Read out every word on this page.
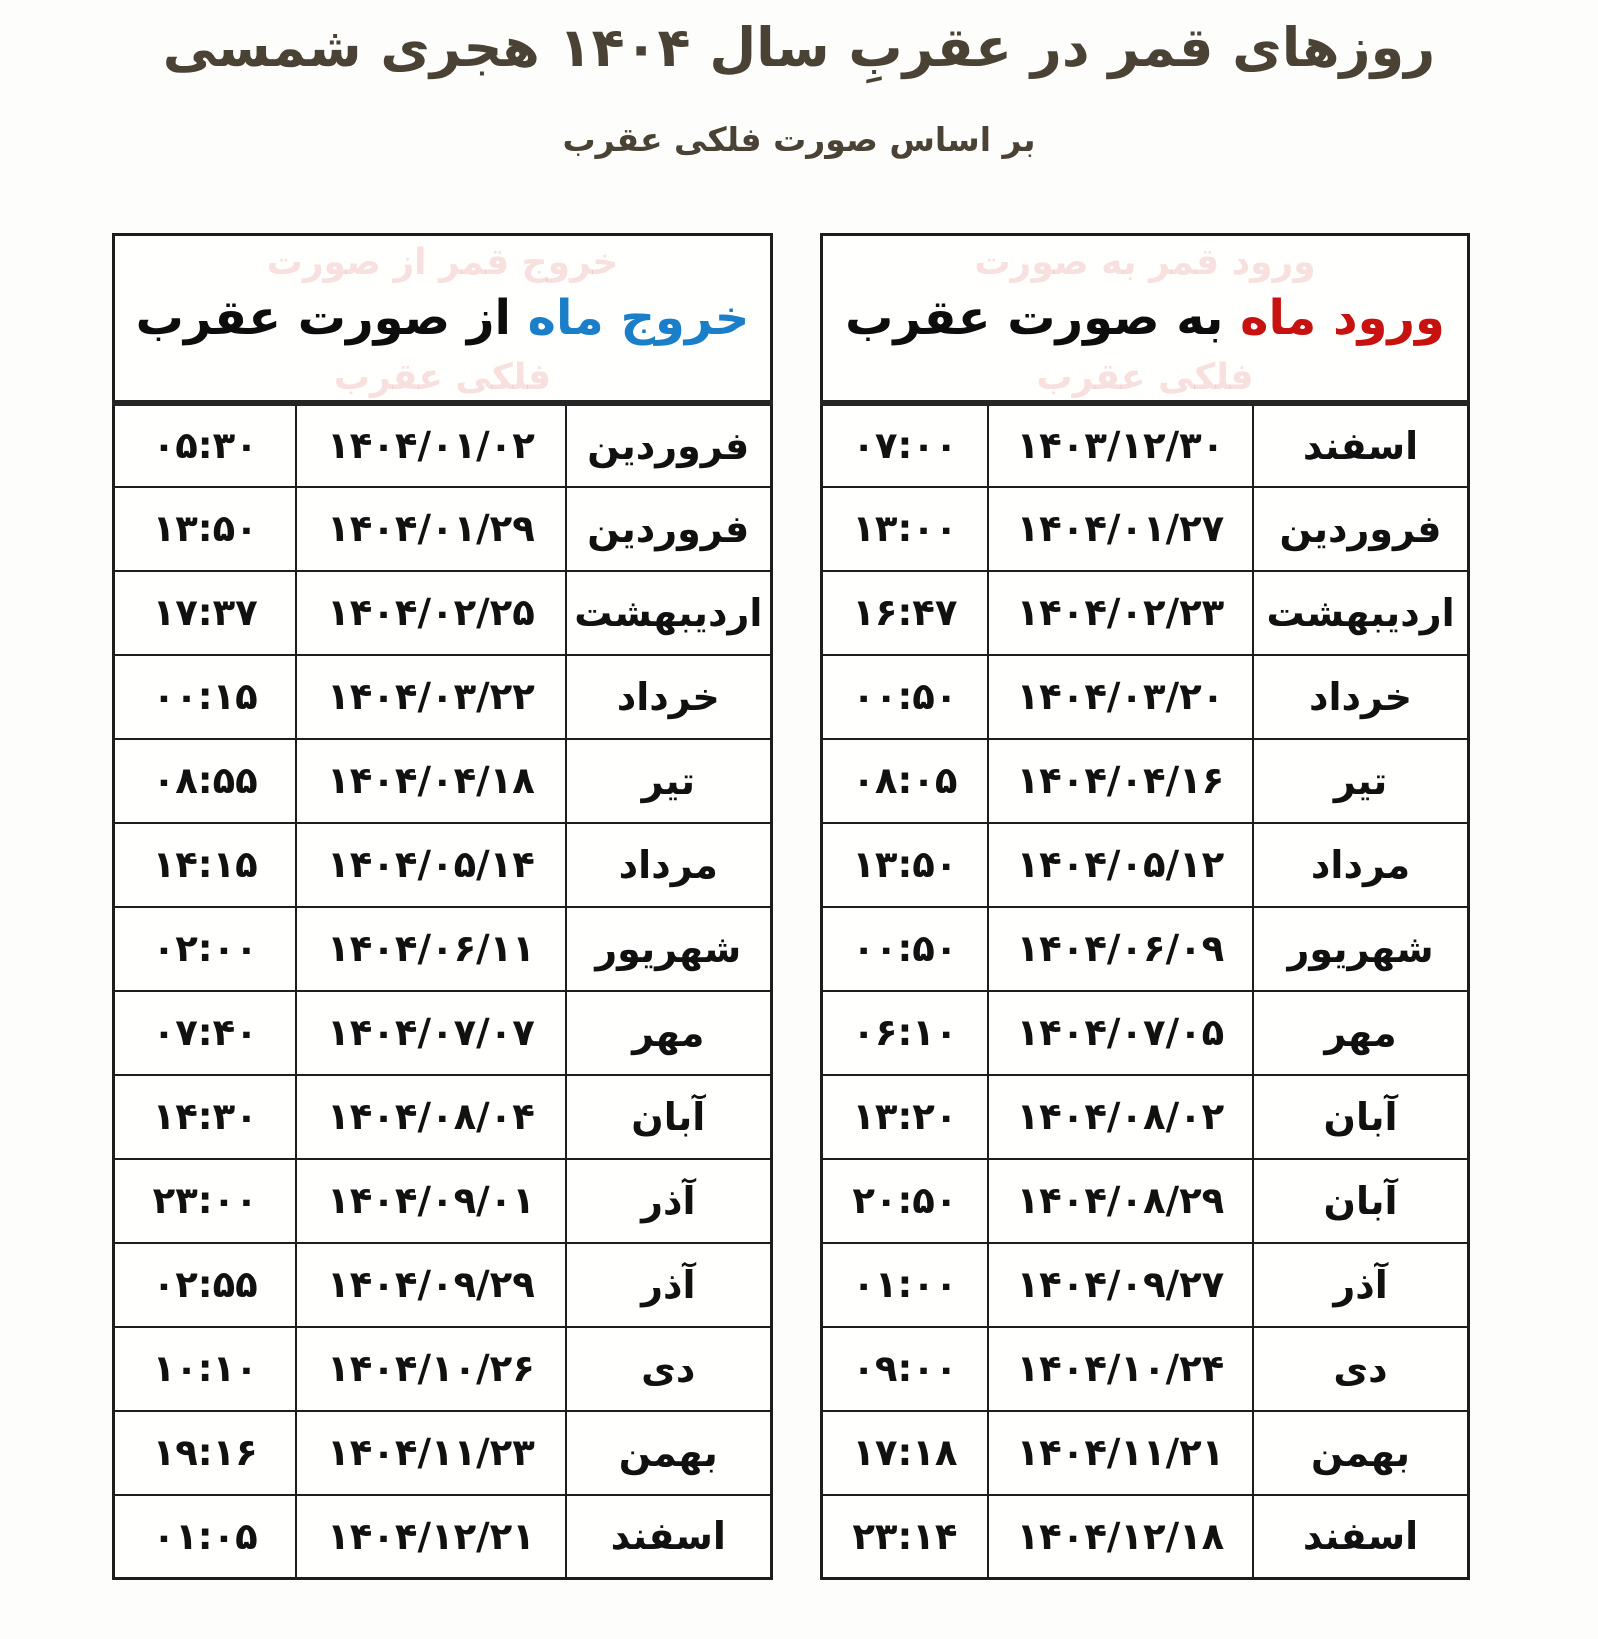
روزهای قمر در عقربِ سال ۱۴۰۴ هجری شمسی
بر اساس صورت فلکی عقرب
ورود قمر به صورت
فلکی عقرب
ورود ماه به صورت عقرب		
اسفند	۱۴۰۳/۱۲/۳۰	۰۷:۰۰
فروردین	۱۴۰۴/۰۱/۲۷	۱۳:۰۰
اردیبهشت	۱۴۰۴/۰۲/۲۳	۱۶:۴۷
خرداد	۱۴۰۴/۰۳/۲۰	۰۰:۵۰
تیر	۱۴۰۴/۰۴/۱۶	۰۸:۰۵
مرداد	۱۴۰۴/۰۵/۱۲	۱۳:۵۰
شهریور	۱۴۰۴/۰۶/۰۹	۰۰:۵۰
مهر	۱۴۰۴/۰۷/۰۵	۰۶:۱۰
آبان	۱۴۰۴/۰۸/۰۲	۱۳:۲۰
آبان	۱۴۰۴/۰۸/۲۹	۲۰:۵۰
آذر	۱۴۰۴/۰۹/۲۷	۰۱:۰۰
دی	۱۴۰۴/۱۰/۲۴	۰۹:۰۰
بهمن	۱۴۰۴/۱۱/۲۱	۱۷:۱۸
اسفند	۱۴۰۴/۱۲/۱۸	۲۳:۱۴
خروج قمر از صورت
فلکی عقرب
خروج ماه از صورت عقرب		
فروردین	۱۴۰۴/۰۱/۰۲	۰۵:۳۰
فروردین	۱۴۰۴/۰۱/۲۹	۱۳:۵۰
اردیبهشت	۱۴۰۴/۰۲/۲۵	۱۷:۳۷
خرداد	۱۴۰۴/۰۳/۲۲	۰۰:۱۵
تیر	۱۴۰۴/۰۴/۱۸	۰۸:۵۵
مرداد	۱۴۰۴/۰۵/۱۴	۱۴:۱۵
شهریور	۱۴۰۴/۰۶/۱۱	۰۲:۰۰
مهر	۱۴۰۴/۰۷/۰۷	۰۷:۴۰
آبان	۱۴۰۴/۰۸/۰۴	۱۴:۳۰
آذر	۱۴۰۴/۰۹/۰۱	۲۳:۰۰
آذر	۱۴۰۴/۰۹/۲۹	۰۲:۵۵
دی	۱۴۰۴/۱۰/۲۶	۱۰:۱۰
بهمن	۱۴۰۴/۱۱/۲۳	۱۹:۱۶
اسفند	۱۴۰۴/۱۲/۲۱	۰۱:۰۵
